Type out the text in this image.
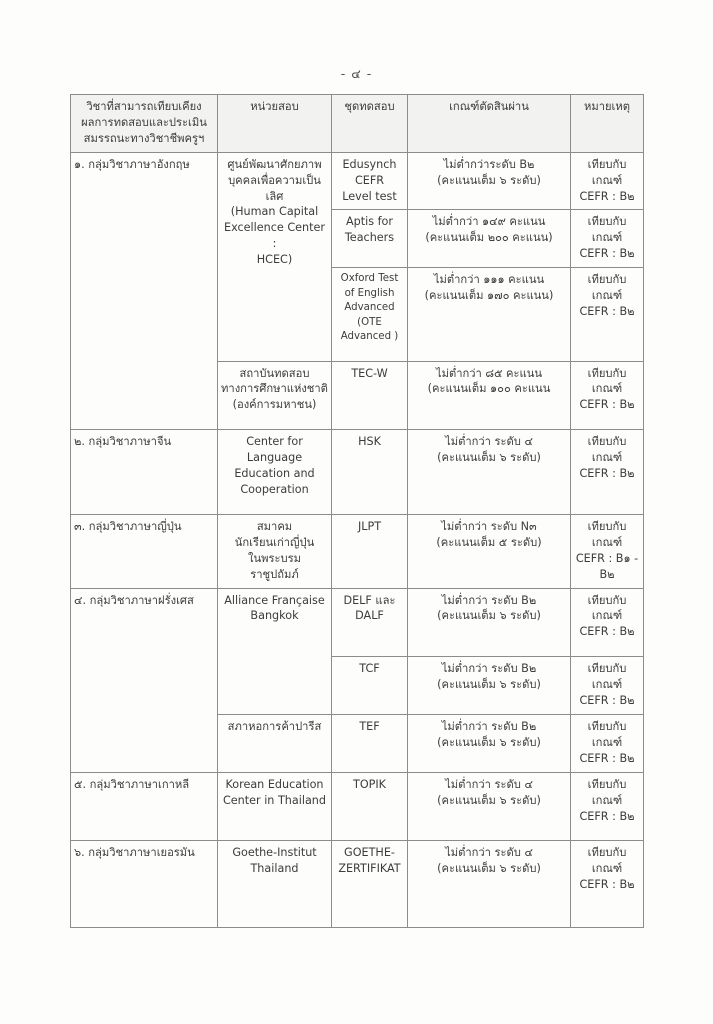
- ๔ -
วิชาที่สามารถเทียบเคียง
ผลการทดสอบและประเมิน
สมรรถนะทางวิชาชีพครูฯ	หน่วยสอบ	ชุดทดสอบ	เกณฑ์ตัดสินผ่าน	หมายเหตุ

๑. กลุ่มวิชาภาษาอังกฤษ	ศูนย์พัฒนาศักยภาพ
บุคคลเพื่อความเป็นเลิศ
(Human Capital
Excellence Center :
HCEC)	Edusynch
CEFR
Level test	ไม่ต่ำกว่าระดับ B๒
(คะแนนเต็ม ๖ ระดับ)	เทียบกับเกณฑ์
CEFR : B๒

		Aptis for
Teachers	ไม่ต่ำกว่า ๑๔๙ คะแนน
(คะแนนเต็ม ๒๐๐ คะแนน)	เทียบกับเกณฑ์
CEFR : B๒

		Oxford Test
of English
Advanced
(OTE Advanced )	ไม่ต่ำกว่า ๑๑๑ คะแนน
(คะแนนเต็ม ๑๗๐ คะแนน)	เทียบกับเกณฑ์
CEFR : B๒

	สถาบันทดสอบ
ทางการศึกษาแห่งชาติ
(องค์การมหาชน)	TEC-W	ไม่ต่ำกว่า ๘๕ คะแนน
(คะแนนเต็ม ๑๐๐ คะแนน	เทียบกับเกณฑ์
CEFR : B๒

๒. กลุ่มวิชาภาษาจีน	Center for Language
Education and
Cooperation	HSK	ไม่ต่ำกว่า ระดับ ๔
(คะแนนเต็ม ๖ ระดับ)	เทียบกับเกณฑ์
CEFR : B๒

๓. กลุ่มวิชาภาษาญี่ปุ่น	สมาคม
นักเรียนเก่าญี่ปุ่น
ในพระบรม
ราชูปถัมภ์	JLPT	ไม่ต่ำกว่า ระดับ N๓
(คะแนนเต็ม ๕ ระดับ)	เทียบกับเกณฑ์
CEFR : B๑ - B๒

๔. กลุ่มวิชาภาษาฝรั่งเศส	Alliance Française
Bangkok	DELF และ
DALF	ไม่ต่ำกว่า ระดับ B๒
(คะแนนเต็ม ๖ ระดับ)	เทียบกับเกณฑ์
CEFR : B๒

		TCF	ไม่ต่ำกว่า ระดับ B๒
(คะแนนเต็ม ๖ ระดับ)	เทียบกับเกณฑ์
CEFR : B๒

	สภาหอการค้าปารีส	TEF	ไม่ต่ำกว่า ระดับ B๒
(คะแนนเต็ม ๖ ระดับ)	เทียบกับเกณฑ์
CEFR : B๒

๕. กลุ่มวิชาภาษาเกาหลี	Korean Education
Center in Thailand	TOPIK	ไม่ต่ำกว่า ระดับ ๔
(คะแนนเต็ม ๖ ระดับ)	เทียบกับเกณฑ์
CEFR : B๒

๖. กลุ่มวิชาภาษาเยอรมัน	Goethe-Institut
Thailand	GOETHE-
ZERTIFIKAT	ไม่ต่ำกว่า ระดับ ๔
(คะแนนเต็ม ๖ ระดับ)	เทียบกับเกณฑ์
CEFR : B๒
